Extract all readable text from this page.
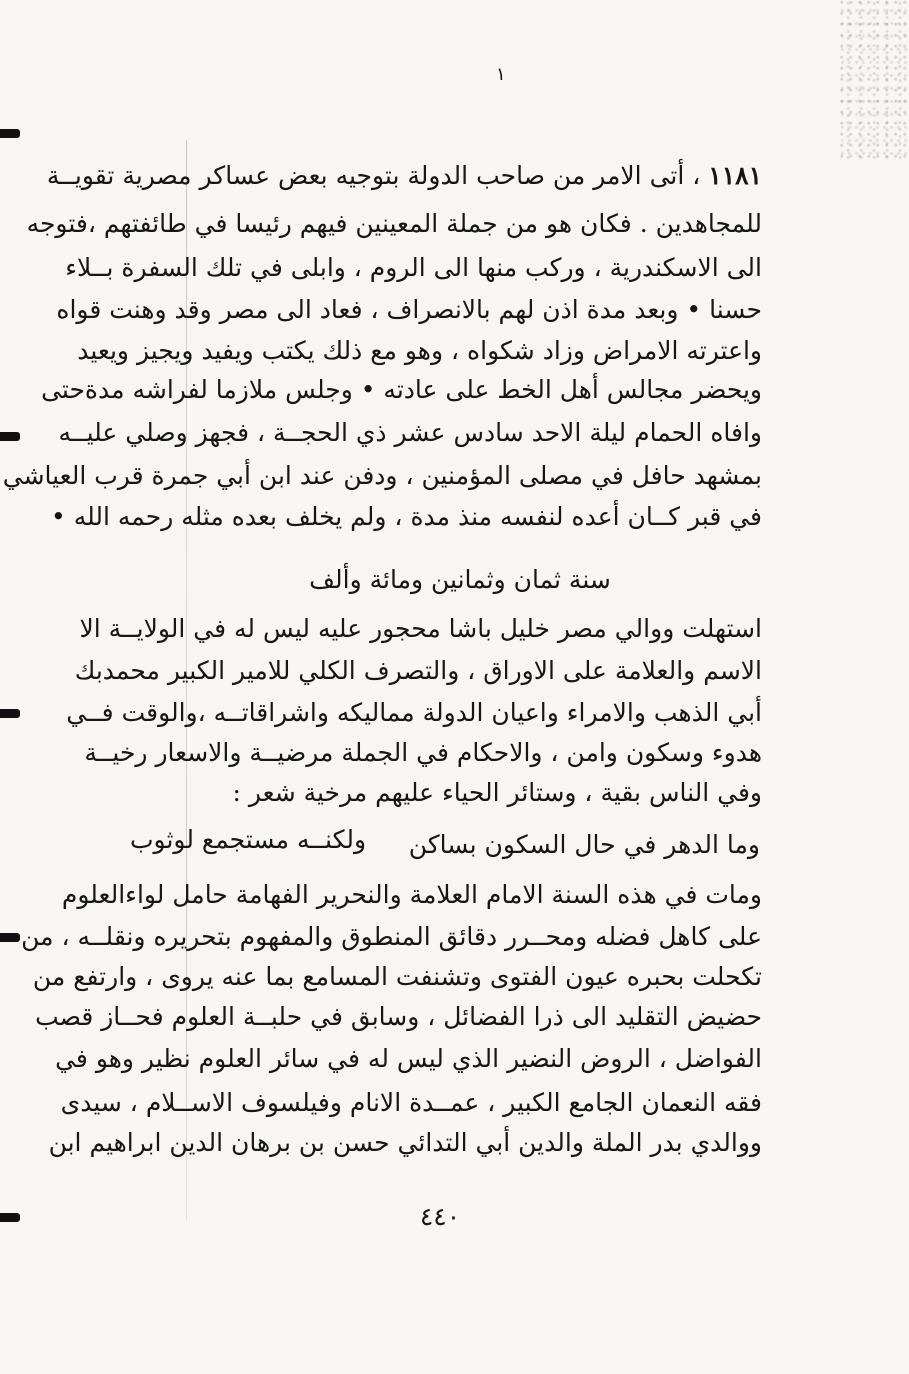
١
١١٨١ ، أتى الامر من صاحب الدولة بتوجيه بعض عساكر مصرية تقويــة
للمجاهدين . فكان هو من جملة المعينين فيهم رئيسا في طائفتهم ،فتوجه
الى الاسكندرية ، وركب منها الى الروم ، وابلى في تلك السفرة بــلاء
حسنا • وبعد مدة اذن لهم بالانصراف ، فعاد الى مصر وقد وهنت قواه
واعترته الامراض وزاد شكواه ، وهو مع ذلك يكتب ويفيد ويجيز ويعيد
ويحضر مجالس أهل الخط على عادته • وجلس ملازما لفراشه مدةحتى
وافاه الحمام ليلة الاحد سادس عشر ذي الحجــة ، فجهز وصلي عليــه
بمشهد حافل في مصلى المؤمنين ، ودفن عند ابن أبي جمرة قرب العياشي
في قبر كــان أعده لنفسه منذ مدة ، ولم يخلف بعده مثله رحمه الله •
سنة ثمان وثمانين ومائة وألف
استهلت ووالي مصر خليل باشا محجور عليه ليس له في الولايــة الا
الاسم والعلامة على الاوراق ، والتصرف الكلي للامير الكبير محمدبك
أبي الذهب والامراء واعيان الدولة مماليكه واشراقاتــه ،والوقت فــي
هدوء وسكون وامن ، والاحكام في الجملة مرضيــة والاسعار رخيــة
وفي الناس بقية ، وستائر الحياء عليهم مرخية شعر :
وما الدهر في حال السكون بساكن
ولكنــه مستجمع لوثوب
ومات في هذه السنة الامام العلامة والنحرير الفهامة حامل لواءالعلوم
على كاهل فضله ومحــرر دقائق المنطوق والمفهوم بتحريره ونقلــه ، من
تكحلت بحبره عيون الفتوى وتشنفت المسامع بما عنه يروى ، وارتفع من
حضيض التقليد الى ذرا الفضائل ، وسابق في حلبــة العلوم فحــاز قصب
الفواضل ، الروض النضير الذي ليس له في سائر العلوم نظير وهو في
فقه النعمان الجامع الكبير ، عمــدة الانام وفيلسوف الاســلام ، سيدى
ووالدي بدر الملة والدين أبي التدائي حسن بن برهان الدين ابراهيم ابن
٤٤٠
